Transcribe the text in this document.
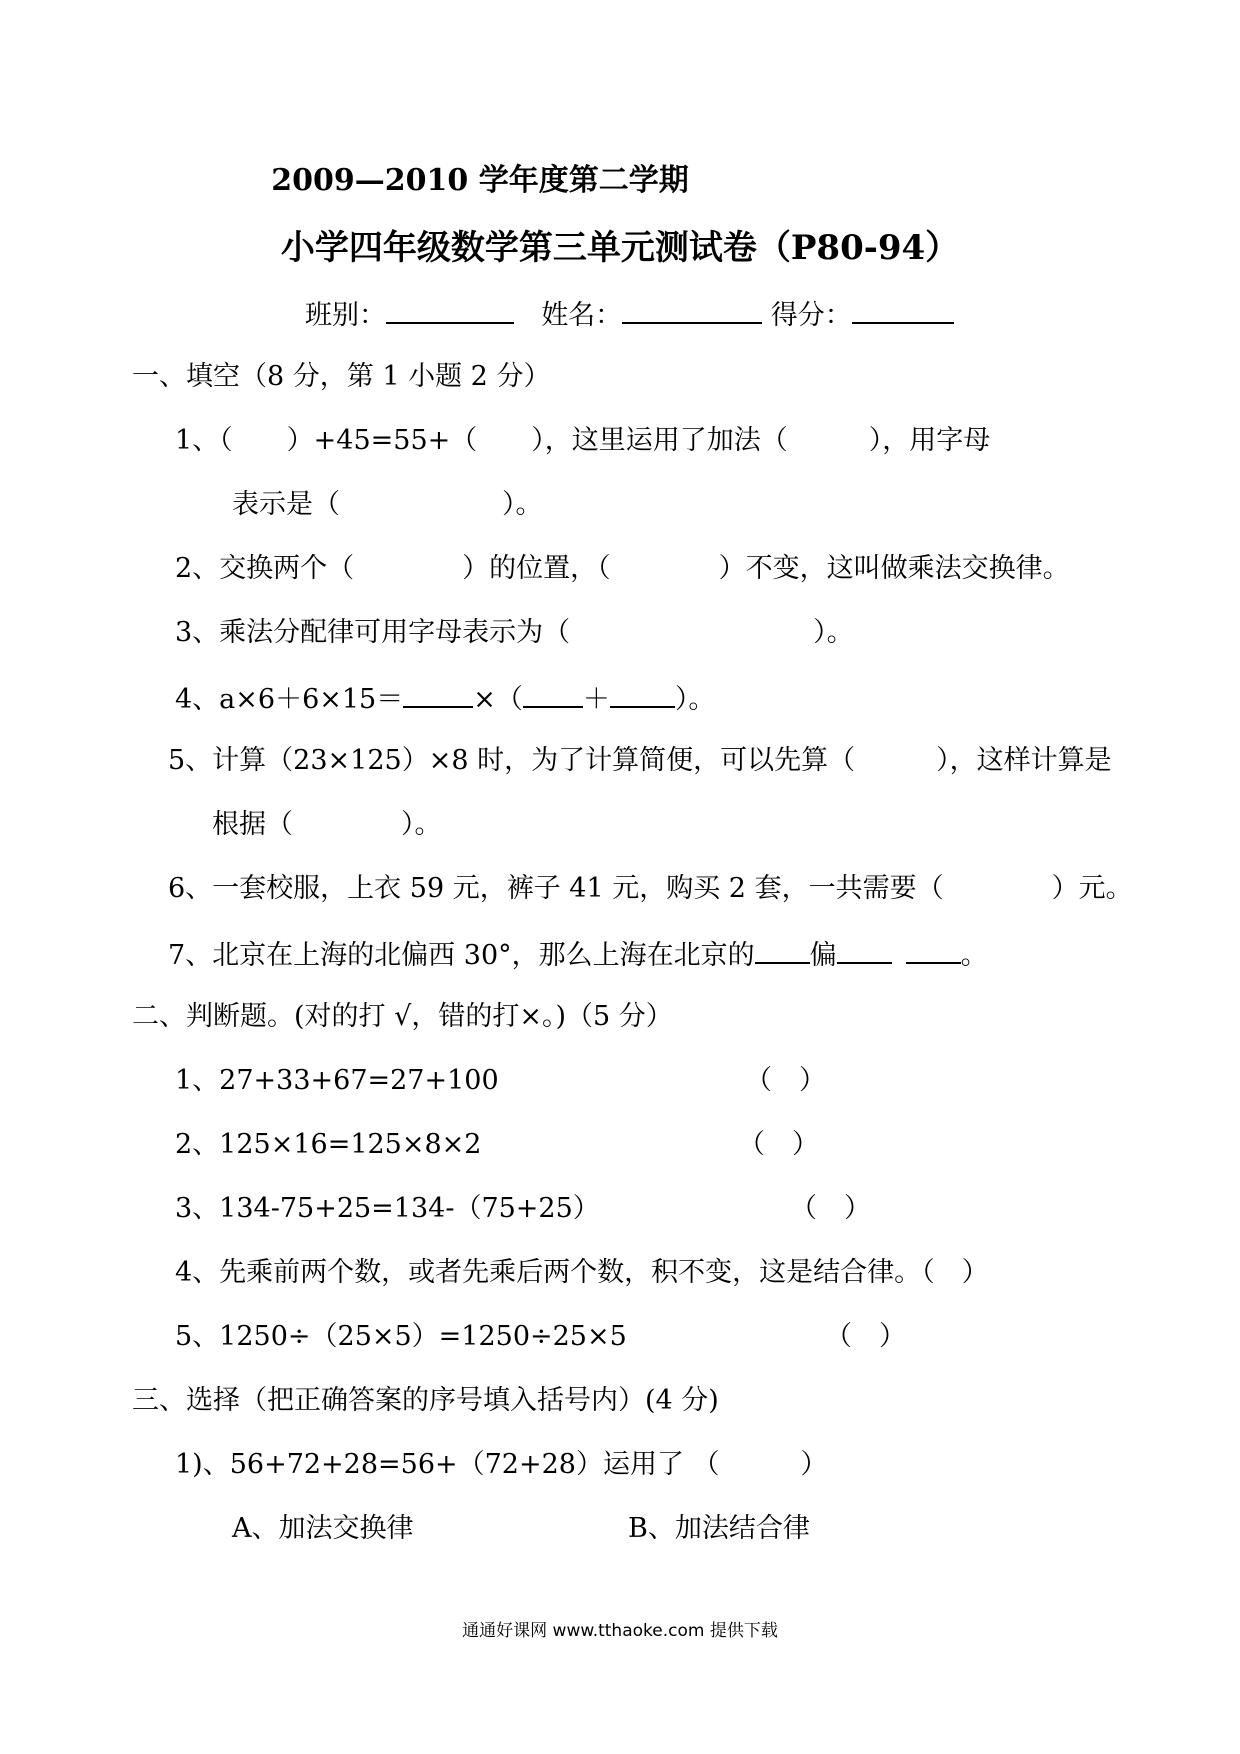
2009—2010 学年度第二学期
小学四年级数学第三单元测试卷（P80-94）
班别：	姓名：	得分：
一、填空（8 分，第 1 小题 2 分）
1、（　　）+45=55+（　　），这里运用了加法（　　　），用字母
表示是（　　　　　　）。
2、交换两个（　　　　）的位置，（　　　　）不变，这叫做乘法交换律。
3、乘法分配律可用字母表示为（　　　　　　　　　）。
4、a×6＋6×15＝	×（ ＋ ）。
5、计算（23×125）×8 时，为了计算简便，可以先算（　　　），这样计算是
根据（　　　　）。
6、一套校服，上衣 59 元，裤子 41 元，购买 2 套，一共需要（　　　　）元。
7、北京在上海的北偏西 30°，那么上海在北京的 偏	。
二、判断题。(对的打 √，错的打×。)（5 分）
1、27+33+67=27+100	（　）
2、125×16=125×8×2	（　）
3、134-75+25=134-（75+25）	（　）
4、先乘前两个数，或者先乘后两个数，积不变，这是结合律。（　）
5、1250÷（25×5）=1250÷25×5	（　）
三、选择（把正确答案的序号填入括号内）(4 分)
1)、56+72+28=56+（72+28）运用了 （　　　）
A、加法交换律	B、加法结合律
通通好课网 www.tthaoke.com 提供下载
